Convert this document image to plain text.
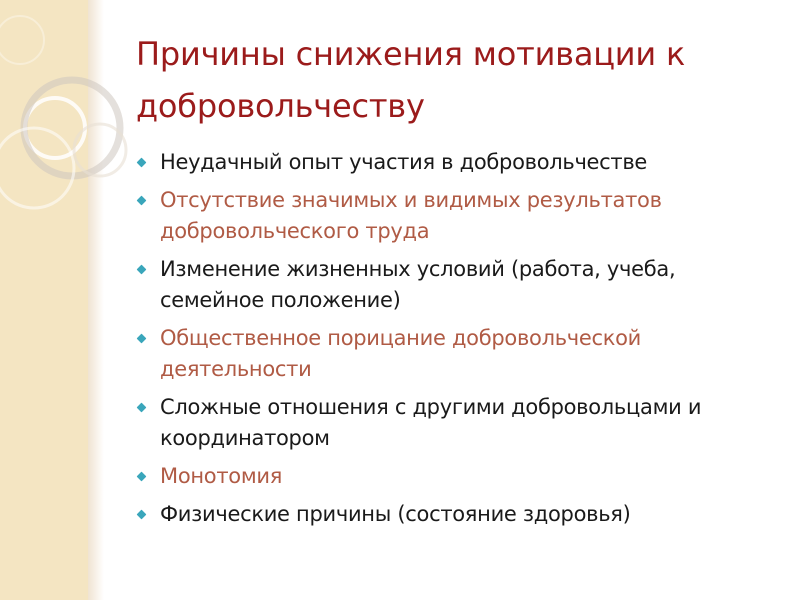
Причины снижения мотивации к добровольчеству
Неудачный опыт участия в добровольчестве
Отсутствие значимых и видимых результатов добровольческого труда
Изменение жизненных условий (работа, учеба, семейное положение)
Общественное порицание добровольческой деятельности
Сложные отношения с другими добровольцами и координатором
Монотомия
Физические причины (состояние здоровья)
